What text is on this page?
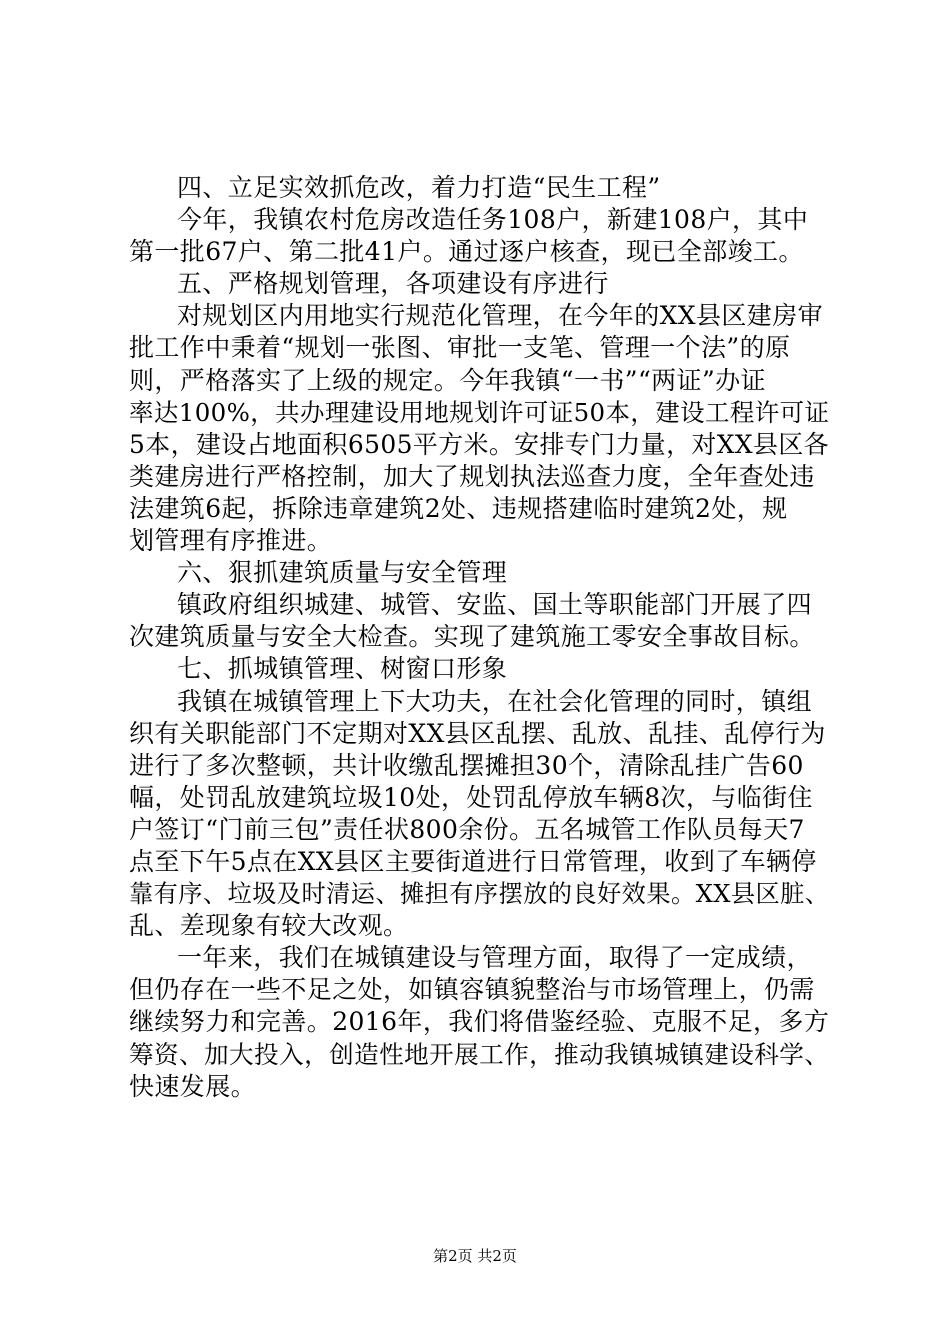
四、立足实效抓危改，着力打造“民生工程”
今年，我镇农村危房改造任务108户，新建108户，其中
第一批67户、第二批41户。通过逐户核查，现已全部竣工。
五、严格规划管理，各项建设有序进行
对规划区内用地实行规范化管理，在今年的XX县区建房审
批工作中秉着“规划一张图、审批一支笔、管理一个法”的原
则，严格落实了上级的规定。今年我镇“一书”“两证”办证
率达100%，共办理建设用地规划许可证50本，建设工程许可证
5本，建设占地面积6505平方米。安排专门力量，对XX县区各
类建房进行严格控制，加大了规划执法巡查力度，全年查处违
法建筑6起，拆除违章建筑2处、违规搭建临时建筑2处，规
划管理有序推进。
六、狠抓建筑质量与安全管理
镇政府组织城建、城管、安监、国土等职能部门开展了四
次建筑质量与安全大检查。实现了建筑施工零安全事故目标。
七、抓城镇管理、树窗口形象
我镇在城镇管理上下大功夫，在社会化管理的同时，镇组
织有关职能部门不定期对XX县区乱摆、乱放、乱挂、乱停行为
进行了多次整顿，共计收缴乱摆摊担30个，清除乱挂广告60
幅，处罚乱放建筑垃圾10处，处罚乱停放车辆8次，与临街住
户签订“门前三包”责任状800余份。五名城管工作队员每天7
点至下午5点在XX县区主要街道进行日常管理，收到了车辆停
靠有序、垃圾及时清运、摊担有序摆放的良好效果。XX县区脏、
乱、差现象有较大改观。
一年来，我们在城镇建设与管理方面，取得了一定成绩，
但仍存在一些不足之处，如镇容镇貌整治与市场管理上，仍需
继续努力和完善。2016年，我们将借鉴经验、克服不足，多方
筹资、加大投入，创造性地开展工作，推动我镇城镇建设科学、
快速发展。
第2页 共2页
